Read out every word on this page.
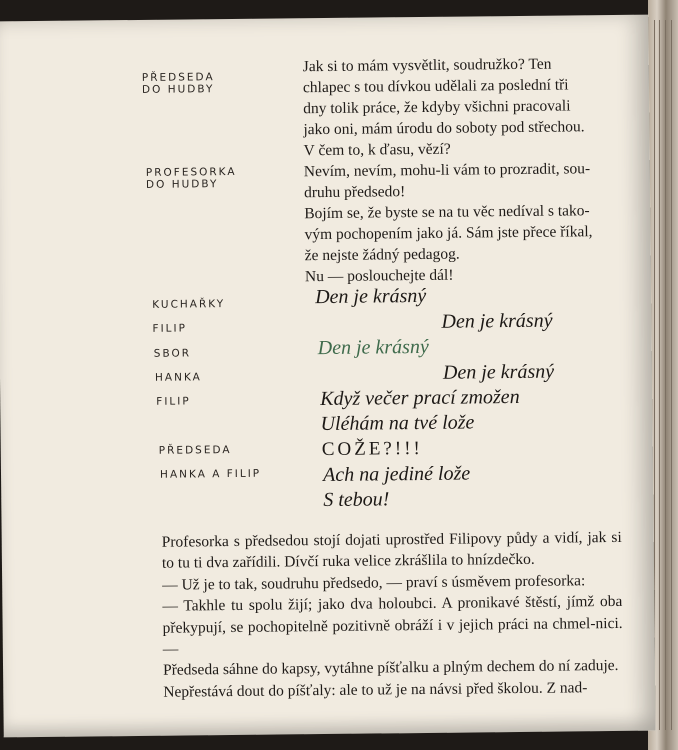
PŘEDSEDA
DO HUDBY
PROFESORKA
DO HUDBY
KUCHAŘKY
FILIP
SBOR
HANKA
FILIP
PŘEDSEDA
HANKA A FILIP

Jak si to mám vysvětlit, soudružko? Ten

chlapec s tou dívkou udělali za poslední tři

dny tolik práce, že kdyby všichni pracovali

jako oni, mám úrodu do soboty pod střechou.

V čem to, k ďasu, vězí?

Nevím, nevím, mohu-li vám to prozradit, sou-

druhu předsedo!

Bojím se, že byste se na tu věc nedíval s tako-

vým pochopením jako já. Sám jste přece říkal,

že nejste žádný pedagog.

Nu — poslouchejte dál!

Den je krásný
Den je krásný
Den je krásný
Den je krásný
Když večer prací zmožen
Uléhám na tvé lože
COŽE?!!!
Ach na jediné lože
S tebou!

Profesorka s předsedou stojí dojati uprostřed Filipovy půdy a vidí, jak si to tu ti dva zařídili. Dívčí ruka velice zkrášlila to hnízdečko.

— Už je to tak, soudruhu předsedo, — praví s úsměvem profesorka:

— Takhle tu spolu žijí; jako dva holoubci. A pronikavé štěstí, jímž oba překypují, se pochopitelně pozitivně obráží i v jejich práci na chmel-nici. —

Předseda sáhne do kapsy, vytáhne píšťalku a plným dechem do ní zaduje.

Nepřestává dout do píšťaly: ale to už je na návsi před školou. Z nad-
